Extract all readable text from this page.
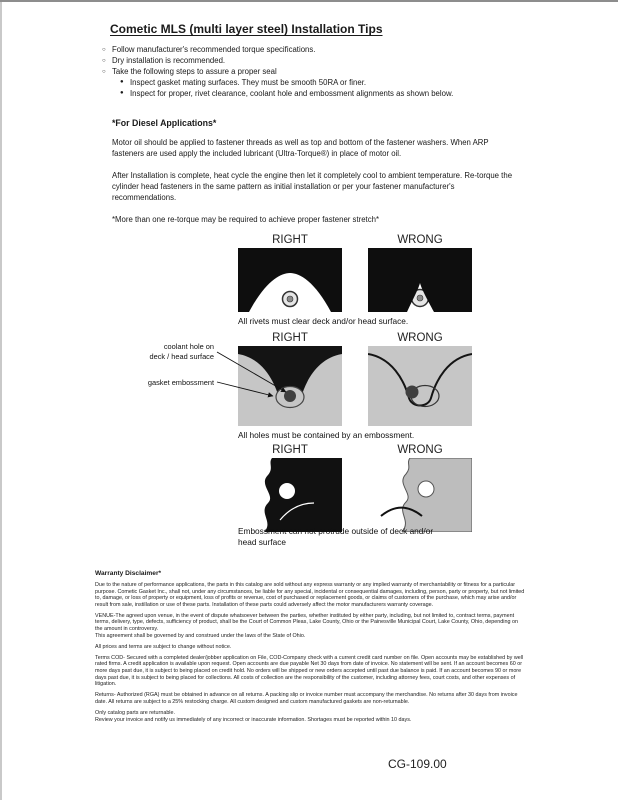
Cometic MLS (multi layer steel) Installation Tips
○ Follow manufacturer's recommended torque specifications.
○ Dry installation is recommended.
○ Take the following steps to assure a proper seal
● Inspect gasket mating surfaces. They must be smooth 50RA or finer.
● Inspect for proper, rivet clearance, coolant hole and embossment alignments as shown below.
*For Diesel Applications*

Motor oil should be applied to fastener threads as well as top and bottom of the fastener washers. When ARP fasteners are used apply the included lubricant (Ultra-Torque®) in place of motor oil.

After Installation is complete, heat cycle the engine then let it completely cool to ambient temperature. Re-torque the cylinder head fasteners in the same pattern as initial installation or per your fastener manufacturer's recommendations.

*More than one re-torque may be required to achieve proper fastener stretch*

RIGHT	WRONG
All rivets must clear deck and/or head surface.
RIGHT	WRONG
coolant hole on
deck / head surface
gasket embossment
All holes must be contained by an embossment.
RIGHT	WRONG
Embossment can not protrude outside of deck and/or head surface
Warranty Disclaimer*

Due to the nature of performance applications, the parts in this catalog are sold without any express warranty or any implied warranty of merchantability or fitness for a particular purpose. Cometic Gasket Inc., shall not, under any circumstances, be liable for any special, incidental or consequential damages, including, person, party or property, but not limited to, damage, or loss of property or equipment, loss of profits or revenue, cost of purchased or replacement goods, or claims of customers of the purchase, which may arise and/or result from sale, instillation or use of these parts. Installation of these parts could adversely affect the motor manufacturers warranty coverage.

VENUE-The agreed upon venue, in the event of dispute whatsoever between the parties, whether instituted by either party, including, but not limited to, contract terms, payment terms, delivery, type, defects, sufficiency of product, shall be the Court of Common Pleas, Lake County, Ohio or the Painesville Municipal Court, Lake County, Ohio, depending on the amount in controversy.

This agreement shall be governed by and construed under the laws of the State of Ohio.

All prices and terms are subject to change without notice.

Terms COD- Secured with a completed dealer/jobber application on File, COD-Company check with a current credit card number on file. Open accounts may be established by well rated firms. A credit application is available upon request. Open accounts are due payable Net 30 days from date of invoice. No statement will be sent. If an account becomes 60 or more days past due, it is subject to being placed on credit hold. No orders will be shipped or new orders accepted until past due balance is paid. If an account becomes 90 or more days past due, it is subject to being placed for collections. All costs of collection are the responsibility of the customer, including attorney fees, court costs, and other expenses of litigation.

Returns- Authorized (RGA) must be obtained in advance on all returns. A packing slip or invoice number must accompany the merchandise. No returns after 30 days from invoice date. All returns are subject to a 25% restocking charge. All custom designed and custom manufactured gaskets are non-returnable.

Only catalog parts are returnable.

Review your invoice and notify us immediately of any incorrect or inaccurate information. Shortages must be reported within 10 days.

CG-109.00
